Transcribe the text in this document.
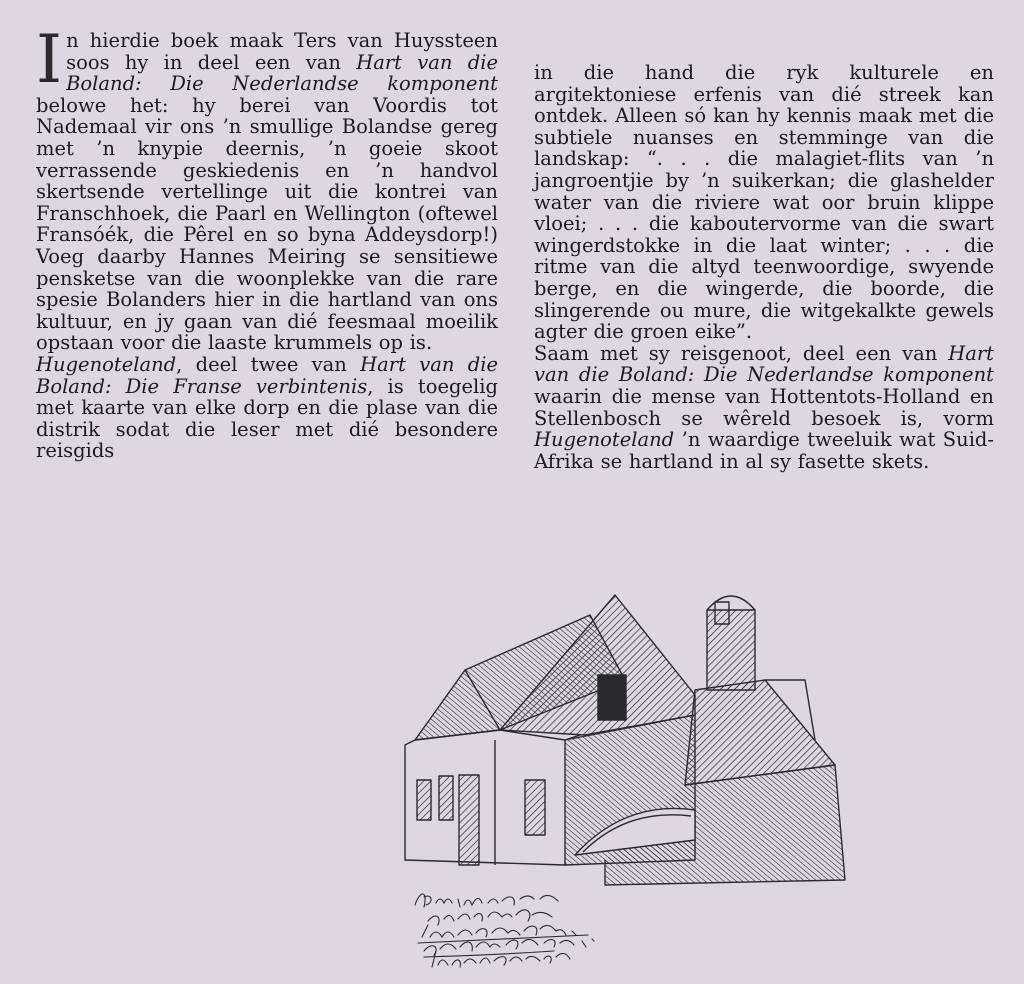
In hierdie boek maak Ters van Huyssteen soos hy in deel een van Hart van die Boland: Die Nederlandse komponent belowe het: hy berei van Voordis tot Nademaal vir ons ’n smullige Bolandse gereg met ’n knypie deernis, ’n goeie skoot verrassende geskiedenis en ’n handvol skertsende vertellinge uit die kontrei van Franschhoek, die Paarl en Wellington (oftewel Fransóék, die Pêrel en so byna Addeysdorp!) Voeg daarby Hannes Meiring se sensitiewe pensketse van die woonplekke van die rare spesie Bolanders hier in die hartland van ons kultuur, en jy gaan van dié feesmaal moeilik opstaan voor die laaste krummels op is.

Hugenoteland, deel twee van Hart van die Boland: Die Franse verbintenis, is toegelig met kaarte van elke dorp en die plase van die distrik sodat die leser met dié besondere reisgids

in die hand die ryk kulturele en argitektoniese erfenis van dié streek kan ontdek. Alleen só kan hy kennis maak met die subtiele nuanses en stemminge van die landskap: “. . . die malagiet-flits van ’n jangroentjie by ’n suikerkan; die glashelder water van die riviere wat oor bruin klippe vloei; . . . die kaboutervorme van die swart wingerdstokke in die laat winter; . . . die ritme van die altyd teenwoordige, swyende berge, en die wingerde, die boorde, die slingerende ou mure, die witgekalkte gewels agter die groen eike”.

Saam met sy reisgenoot, deel een van Hart van die Boland: Die Nederlandse komponent waarin die mense van Hottentots-Holland en Stellenbosch se wêreld besoek is, vorm Hugenoteland ’n waardige tweeluik wat Suid-Afrika se hartland in al sy fasette skets.
